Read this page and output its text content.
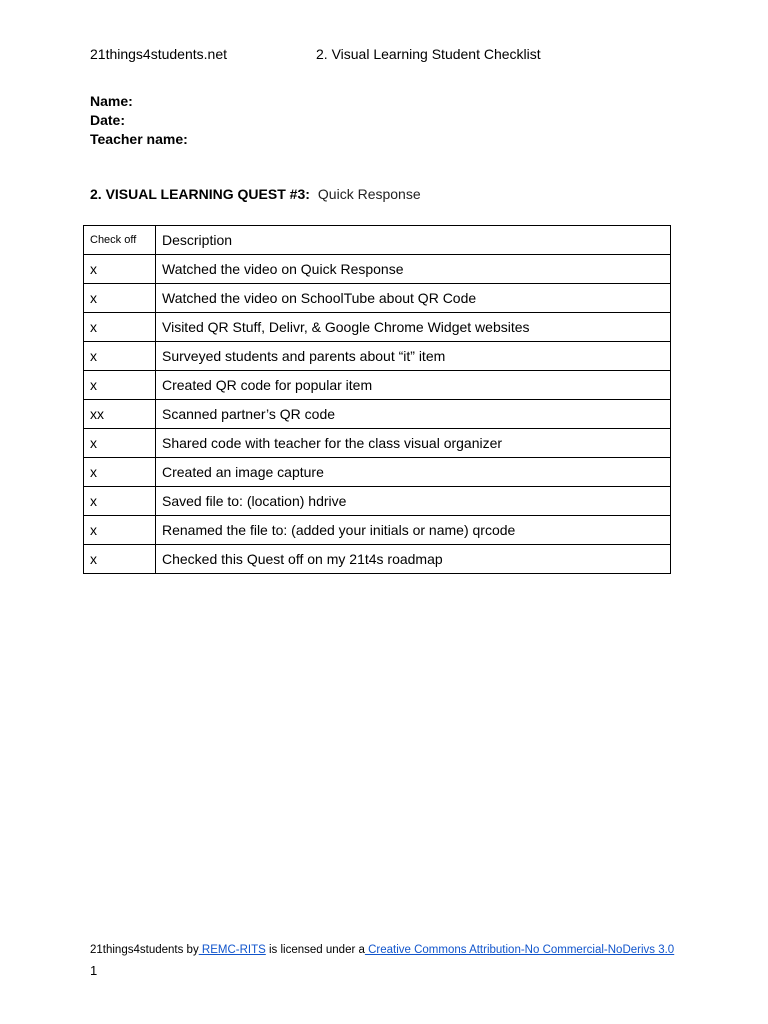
21things4students.net	2. Visual Learning Student Checklist
Name:
Date:
Teacher name:
2. VISUAL LEARNING QUEST #3: Quick Response
Check off	Description
x	Watched the video on Quick Response
x	Watched the video on SchoolTube about QR Code
x	Visited QR Stuff, Delivr, & Google Chrome Widget websites
x	Surveyed students and parents about “it” item
x	Created QR code for popular item
xx	Scanned partner’s QR code
x	Shared code with teacher for the class visual organizer
x	Created an image capture
x	Saved file to: (location) hdrive
x	Renamed the file to: (added your initials or name) qrcode
x	Checked this Quest off on my 21t4s roadmap
21things4students by REMC-RITS is licensed under a Creative Commons Attribution-No Commercial-NoDerivs 3.0
1
